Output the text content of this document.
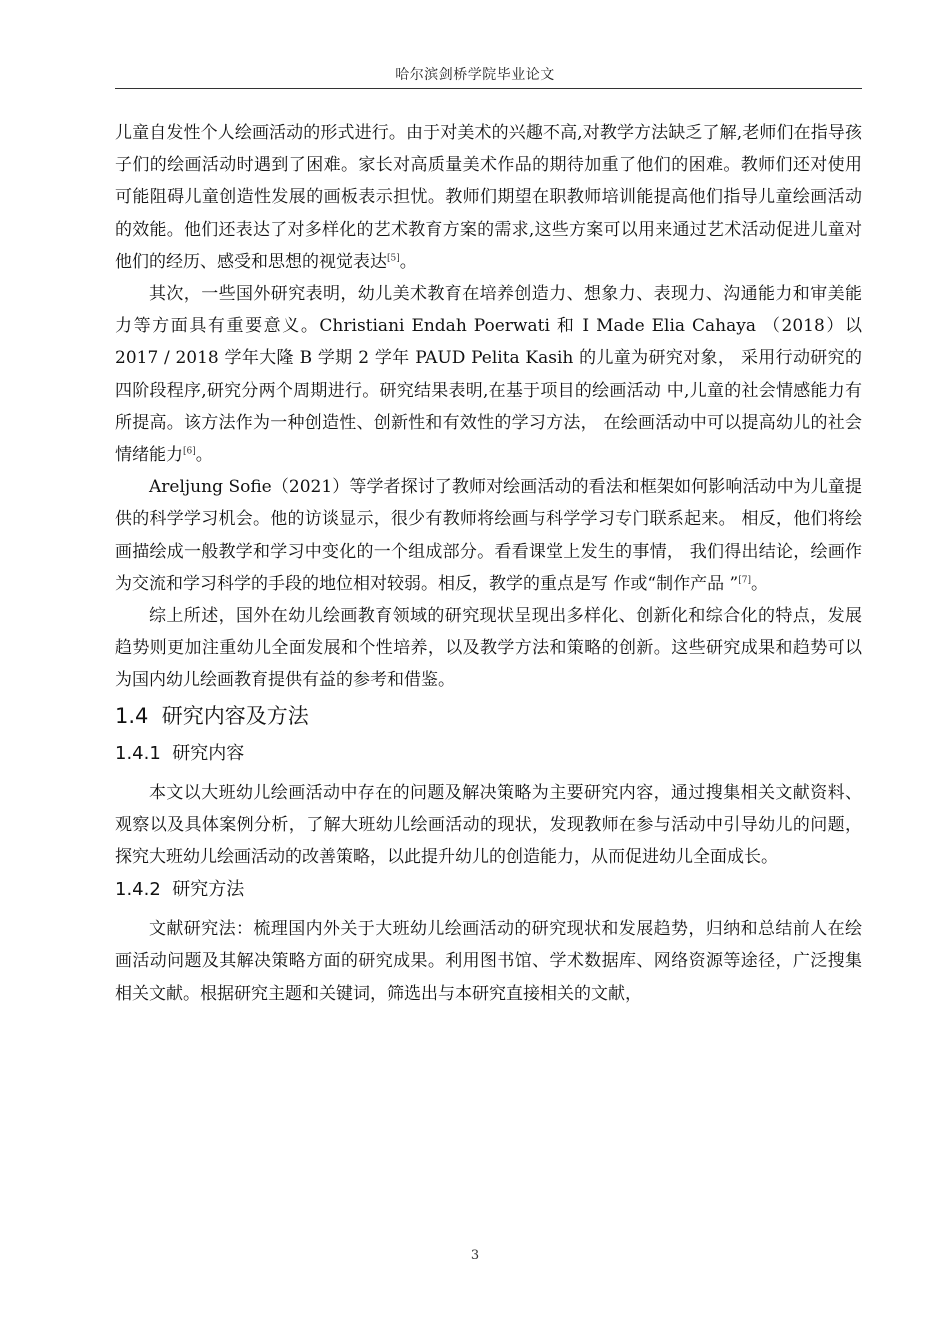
哈尔滨剑桥学院毕业论文

儿童自发性个人绘画活动的形式进行。由于对美术的兴趣不高,对教学方法缺乏了解,老师们在指导孩子们的绘画活动时遇到了困难。家长对高质量美术作品的期待加重了他们的困难。教师们还对使用可能阻碍儿童创造性发展的画板表示担忧。教师们期望在职教师培训能提高他们指导儿童绘画活动的效能。他们还表达了对多样化的艺术教育方案的需求,这些方案可以用来通过艺术活动促进儿童对他们的经历、感受和思想的视觉表达[5]。

其次，一些国外研究表明，幼儿美术教育在培养创造力、想象力、表现力、沟通能力和审美能力等方面具有重要意义。Christiani Endah Poerwati 和 I Made Elia Cahaya （2018）以 2017 / 2018 学年大隆 B 学期 2 学年 PAUD Pelita Kasih 的儿童为研究对象， 采用行动研究的四阶段程序,研究分两个周期进行。研究结果表明,在基于项目的绘画活动 中,儿童的社会情感能力有所提高。该方法作为一种创造性、创新性和有效性的学习方法， 在绘画活动中可以提高幼儿的社会情绪能力[6]。

Areljung Sofie（2021）等学者探讨了教师对绘画活动的看法和框架如何影响活动中为儿童提供的科学学习机会。他的访谈显示，很少有教师将绘画与科学学习专门联系起来。 相反，他们将绘画描绘成一般教学和学习中变化的一个组成部分。看看课堂上发生的事情， 我们得出结论，绘画作为交流和学习科学的手段的地位相对较弱。相反，教学的重点是写 作或“制作产品 ”[7]。

综上所述，国外在幼儿绘画教育领域的研究现状呈现出多样化、创新化和综合化的特点，发展趋势则更加注重幼儿全面发展和个性培养，以及教学方法和策略的创新。这些研究成果和趋势可以为国内幼儿绘画教育提供有益的参考和借鉴。

1.4 研究内容及方法
1.4.1 研究内容

本文以大班幼儿绘画活动中存在的问题及解决策略为主要研究内容，通过搜集相关文献资料、观察以及具体案例分析，了解大班幼儿绘画活动的现状，发现教师在参与活动中引导幼儿的问题，探究大班幼儿绘画活动的改善策略，以此提升幼儿的创造能力，从而促进幼儿全面成长。

1.4.2 研究方法

文献研究法：梳理国内外关于大班幼儿绘画活动的研究现状和发展趋势，归纳和总结前人在绘画活动问题及其解决策略方面的研究成果。利用图书馆、学术数据库、网络资源等途径，广泛搜集相关文献。根据研究主题和关键词，筛选出与本研究直接相关的文献，

3
